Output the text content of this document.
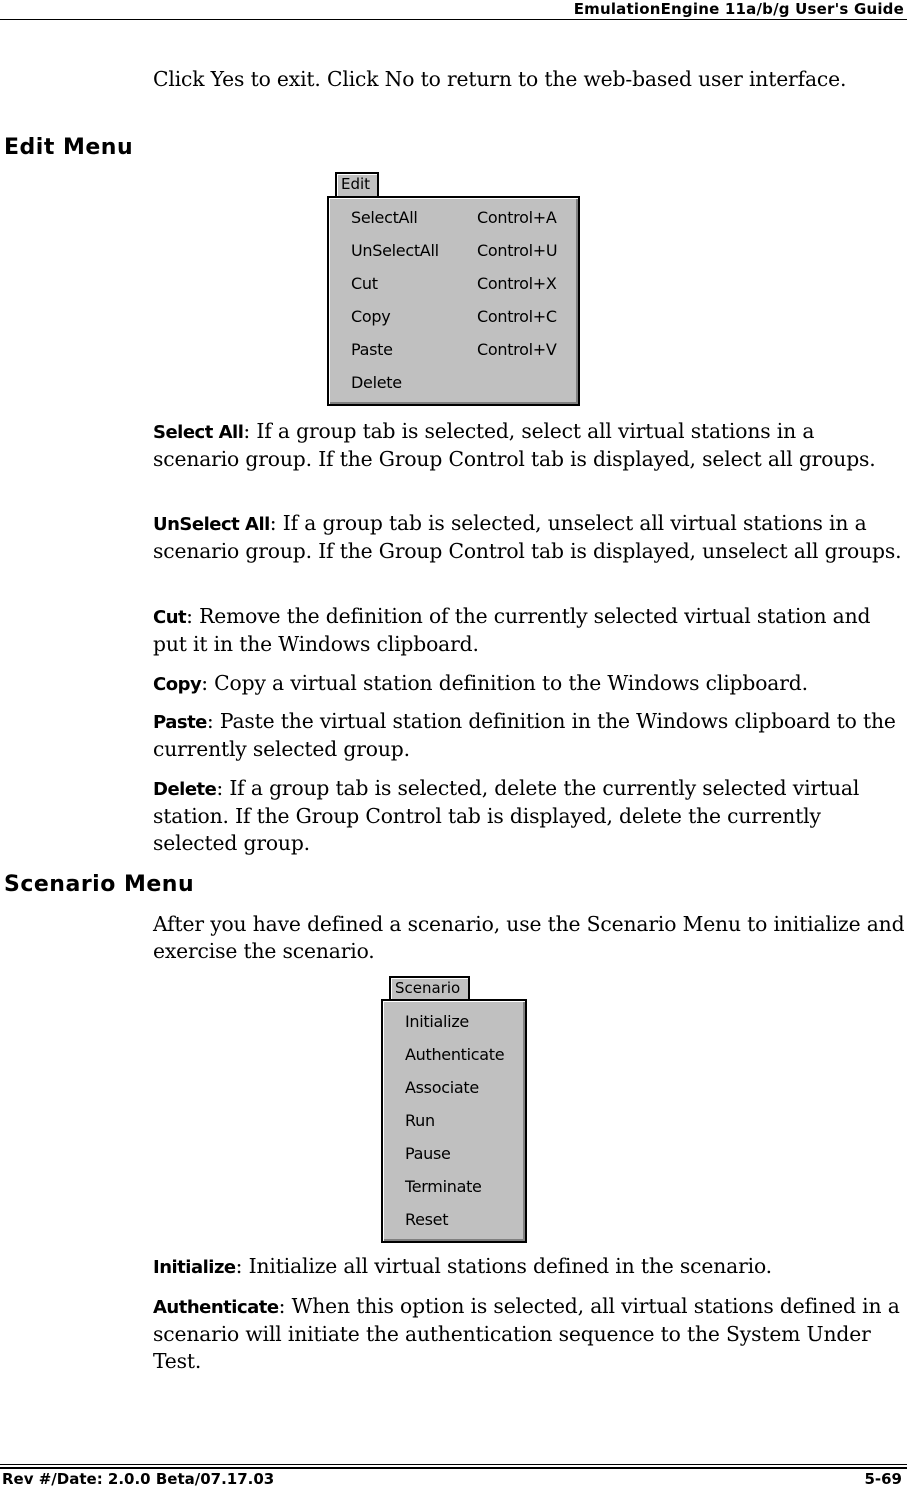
EmulationEngine 11a/b/g User's Guide

Click Yes to exit. Click No to return to the web-based user interface.

Edit Menu
Edit
SelectAll	Control+A
UnSelectAll Control+U
Cut	Control+X
Copy	Control+C
Paste	Control+V
Delete

Select All: If a group tab is selected, select all virtual stations in a scenario group. If the Group Control tab is displayed, select all groups.

UnSelect All: If a group tab is selected, unselect all virtual stations in a scenario group. If the Group Control tab is displayed, unselect all groups.

Cut: Remove the definition of the currently selected virtual station and put it in the Windows clipboard.

Copy: Copy a virtual station definition to the Windows clipboard.

Paste: Paste the virtual station definition in the Windows clipboard to the currently selected group.

Delete: If a group tab is selected, delete the currently selected virtual station. If the Group Control tab is displayed, delete the currently selected group.

Scenario Menu

After you have defined a scenario, use the Scenario Menu to initialize and exercise the scenario.

Scenario
Initialize
Authenticate
Associate
Run
Pause
Terminate
Reset

Initialize: Initialize all virtual stations defined in the scenario.

Authenticate: When this option is selected, all virtual stations defined in a scenario will initiate the authentication sequence to the System Under Test.

Rev #/Date: 2.0.0 Beta/07.17.03	5-69
